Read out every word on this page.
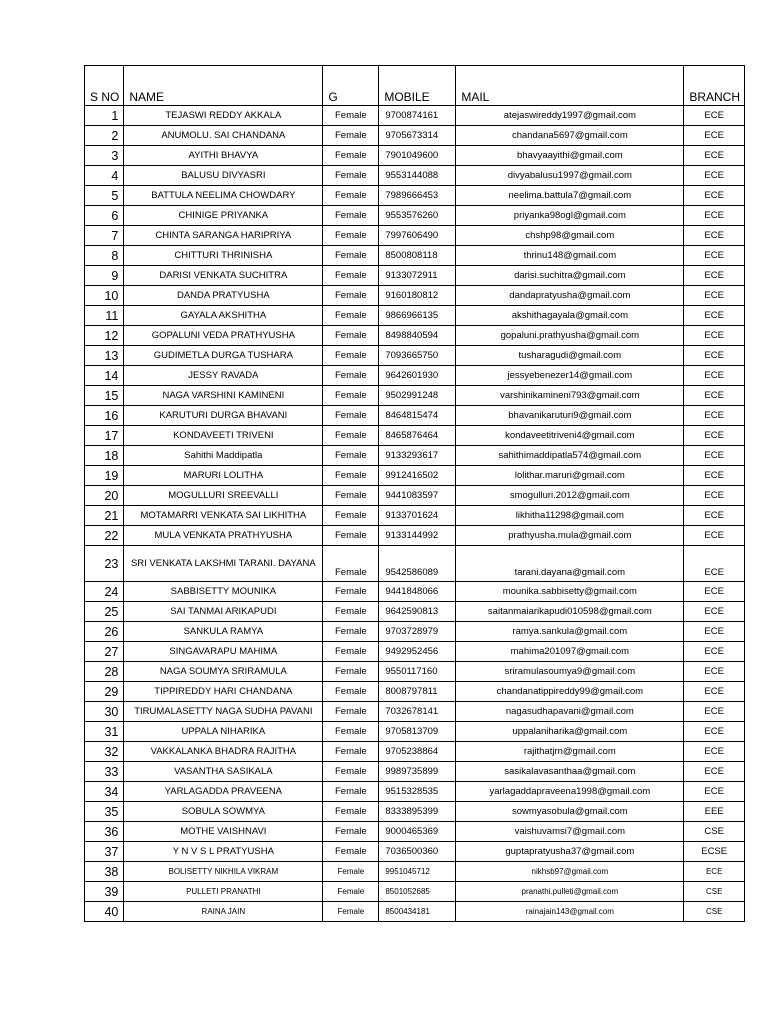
S NO	NAME	G	MOBILE	MAIL	BRANCH
1	TEJASWI REDDY AKKALA	Female	9700874161	atejaswireddy1997@gmail.com	ECE
2	ANUMOLU. SAI CHANDANA	Female	9705673314	chandana5697@gmail.com	ECE
3	AYITHI BHAVYA	Female	7901049600	bhavyaayithi@gmail.com	ECE
4	BALUSU DIVYASRI	Female	9553144088	divyabalusu1997@gmail.com	ECE
5	BATTULA NEELIMA CHOWDARY	Female	7989666453	neelima.battula7@gmail.com	ECE
6	CHINIGE PRIYANKA	Female	9553576260	priyanka98ogl@gmail.com	ECE
7	CHINTA SARANGA HARIPRIYA	Female	7997606490	chshp98@gmail.com	ECE
8	CHITTURI THRINISHA	Female	8500808118	thrinu148@gmail.com	ECE
9	DARISI VENKATA SUCHITRA	Female	9133072911	darisi.suchitra@gmail.com	ECE
10	DANDA PRATYUSHA	Female	9160180812	dandapratyusha@gmail.com	ECE
11	GAYALA AKSHITHA	Female	9866966135	akshithagayala@gmail.com	ECE
12	GOPALUNI VEDA PRATHYUSHA	Female	8498840594	gopaluni.prathyusha@gmail.com	ECE
13	GUDIMETLA DURGA TUSHARA	Female	7093665750	tusharagudi@gmail.com	ECE
14	JESSY RAVADA	Female	9642601930	jessyebenezer14@gmail.com	ECE
15	NAGA VARSHINI KAMINENI	Female	9502991248	varshinikamineni793@gmail.com	ECE
16	KARUTURI DURGA BHAVANI	Female	8464815474	bhavanikaruturi9@gmail.com	ECE
17	KONDAVEETI TRIVENI	Female	8465876464	kondaveetitriveni4@gmail.com	ECE
18	Sahithi Maddipatla	Female	9133293617	sahithimaddipatla574@gmail.com	ECE
19	MARURI LOLITHA	Female	9912416502	lolithar.maruri@gmail.com	ECE
20	MOGULLURI SREEVALLI	Female	9441083597	smogulluri.2012@gmail.com	ECE
21	MOTAMARRI VENKATA SAI LIKHITHA	Female	9133701624	likhitha11298@gmail.com	ECE
22	MULA VENKATA PRATHYUSHA	Female	9133144992	prathyusha.mula@gmail.com	ECE
23	SRI VENKATA LAKSHMI TARANI. DAYANA	Female	9542586089	tarani.dayana@gmail.com	ECE
24	SABBISETTY MOUNIKA	Female	9441848066	mounika.sabbisetty@gmail.com	ECE
25	SAI TANMAI ARIKAPUDI	Female	9642590813	saitanmaiarikapudi010598@gmail.com	ECE
26	SANKULA RAMYA	Female	9703728979	ramya.sankula@gmail.com	ECE
27	SINGAVARAPU MAHIMA	Female	9492952456	mahima201097@gmail.com	ECE
28	NAGA SOUMYA SRIRAMULA	Female	9550117160	sriramulasoumya9@gmail.com	ECE
29	TIPPIREDDY HARI CHANDANA	Female	8008797811	chandanatippireddy99@gmail.com	ECE
30	TIRUMALASETTY NAGA SUDHA PAVANI	Female	7032678141	nagasudhapavani@gmail.com	ECE
31	UPPALA NIHARIKA	Female	9705813709	uppalaniharika@gmail.com	ECE
32	VAKKALANKA BHADRA RAJITHA	Female	9705238864	rajithatjrn@gmail.com	ECE
33	VASANTHA SASIKALA	Female	9989735899	sasikalavasanthaa@gmail.com	ECE
34	YARLAGADDA PRAVEENA	Female	9515328535	yarlagaddapraveena1998@gmail.com	ECE
35	SOBULA SOWMYA	Female	8333895399	sowmyasobula@gmail.com	EEE
36	MOTHE VAISHNAVI	Female	9000465369	vaishuvamsi7@gmail.com	CSE
37	Y N V S L PRATYUSHA	Female	7036500360	guptapratyusha37@gmail.com	ECSE
38	BOLISETTY NIKHILA VIKRAM	Female	9951045712	nikhsb97@gmail.com	ECE
39	PULLETI PRANATHI	Female	8501052685	pranathi.pulleti@gmail.com	CSE
40	RAINA JAIN	Female	8500434181	rainajain143@gmail.com	CSE
